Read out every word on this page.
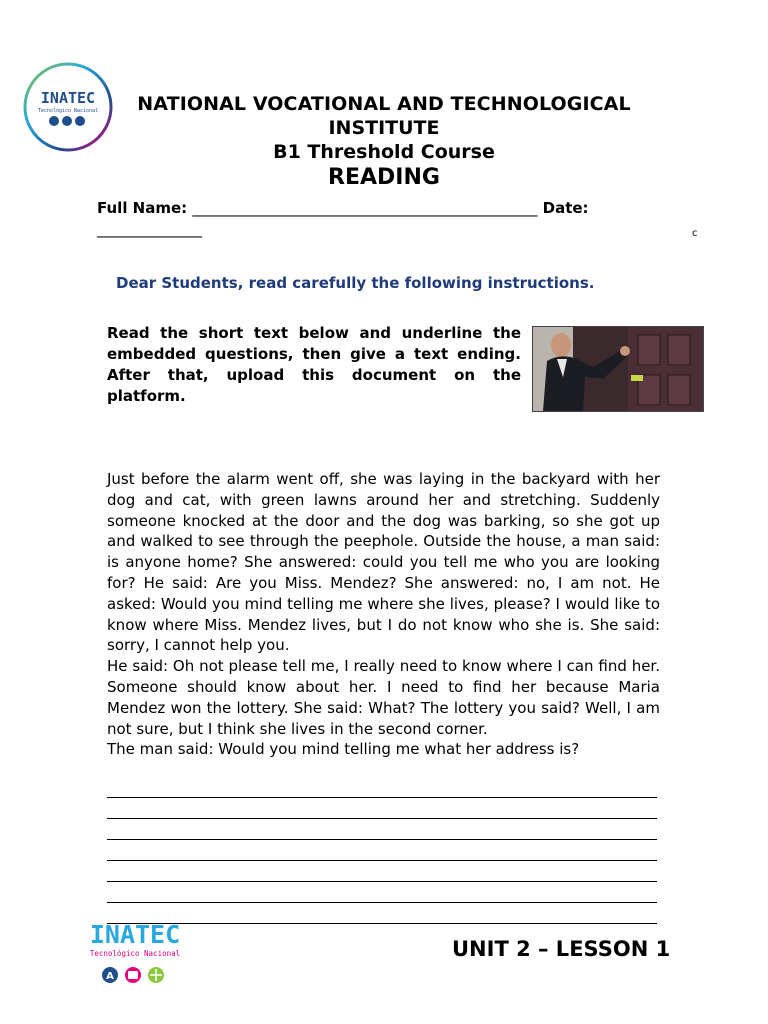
INATEC
Tecnológico Nacional	NATIONAL VOCATIONAL AND TECHNOLOGICAL
INSTITUTE
B1 Threshold Course
READING
Full Name: ______________________________________________ Date:
______________	c
Dear Students, read carefully the following instructions.
Read the short text below and underline the embedded questions, then give a text ending. After that, upload this document on the platform.

Just before the alarm went off, she was laying in the backyard with her dog and cat, with green lawns around her and stretching. Suddenly someone knocked at the door and the dog was barking, so she got up and walked to see through the peephole. Outside the house, a man said: is anyone home? She answered: could you tell me who you are looking for? He said: Are you Miss. Mendez? She answered: no, I am not. He asked: Would you mind telling me where she lives, please? I would like to know where Miss. Mendez lives, but I do not know who she is. She said: sorry, I cannot help you.

He said: Oh not please tell me, I really need to know where I can find her. Someone should know about her. I need to find her because Maria Mendez won the lottery. She said: What? The lottery you said? Well, I am not sure, but I think she lives in the second corner.

The man said: Would you mind telling me what her address is?

INATEC
Tecnológico Nacional
A
UNIT 2 – LESSON 1
